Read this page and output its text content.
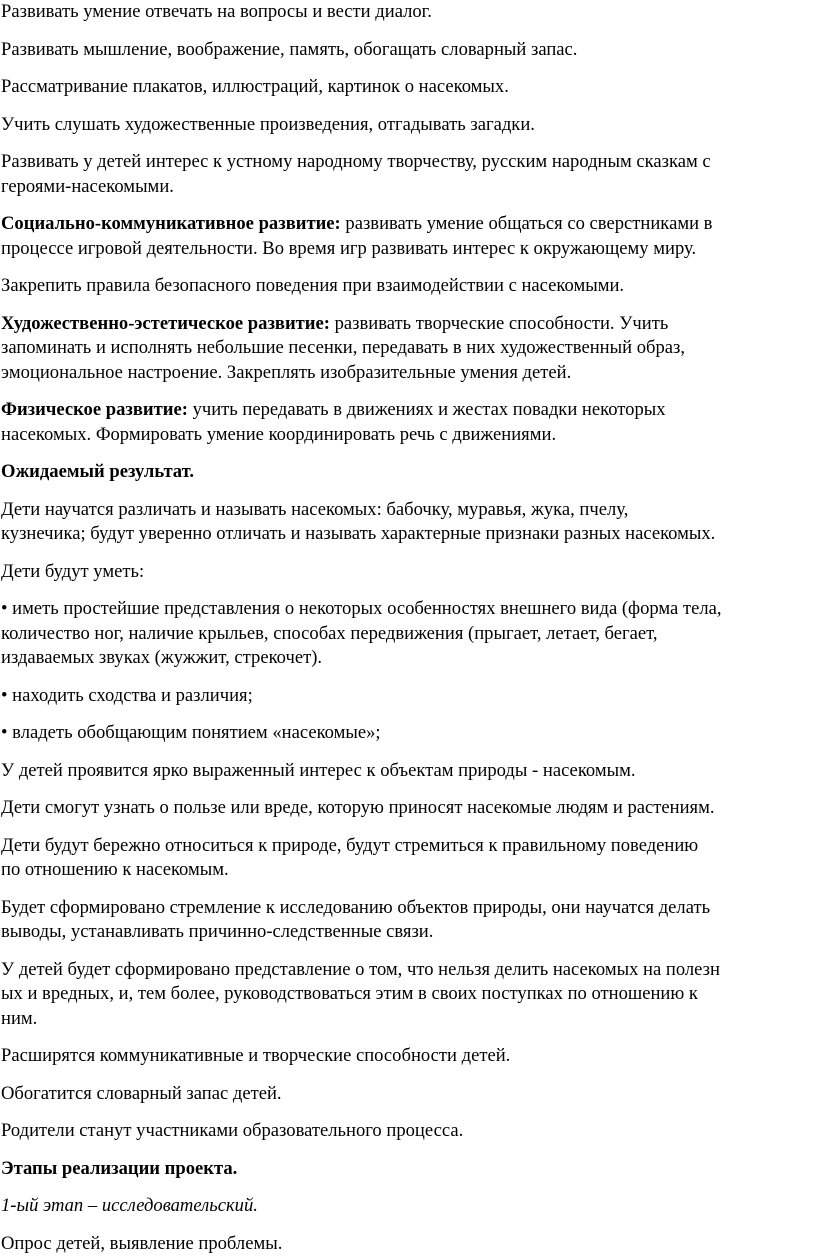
Развивать умение отвечать на вопросы и вести диалог.

Развивать мышление, воображение, память, обогащать словарный запас.

Рассматривание плакатов, иллюстраций, картинок о насекомых.

Учить слушать художественные произведения, отгадывать загадки.

Развивать у детей интерес к устному народному творчеству, русским народным сказкам с
героями-насекомыми.

Социально-коммуникативное развитие: развивать умение общаться со сверстниками в
процессе игровой деятельности. Во время игр развивать интерес к окружающему миру.

Закрепить правила безопасного поведения при взаимодействии с насекомыми.

Художественно-эстетическое развитие: развивать творческие способности. Учить
запоминать и исполнять небольшие песенки, передавать в них художественный образ,
эмоциональное настроение. Закреплять изобразительные умения детей.

Физическое развитие: учить передавать в движениях и жестах повадки некоторых
насекомых. Формировать умение координировать речь с движениями.

Ожидаемый результат.

Дети научатся различать и называть насекомых: бабочку, муравья, жука, пчелу,
кузнечика; будут уверенно отличать и называть характерные признаки разных насекомых.

Дети будут уметь:

• иметь простейшие представления о некоторых особенностях внешнего вида (форма тела,
количество ног, наличие крыльев, способах передвижения (прыгает, летает, бегает,
издаваемых звуках (жужжит, стрекочет).

• находить сходства и различия;

• владеть обобщающим понятием «насекомые»;

У детей проявится ярко выраженный интерес к объектам природы - насекомым.

Дети смогут узнать о пользе или вреде, которую приносят насекомые людям и растениям.

Дети будут бережно относиться к природе, будут стремиться к правильному поведению
по отношению к насекомым.

Будет сформировано стремление к исследованию объектов природы, они научатся делать
выводы, устанавливать причинно-следственные связи.

У детей будет сформировано представление о том, что нельзя делить насекомых на полезн
ых и вредных, и, тем более, руководствоваться этим в своих поступках по отношению к
ним.

Расширятся коммуникативные и творческие способности детей.

Обогатится словарный запас детей.

Родители станут участниками образовательного процесса.

Этапы реализации проекта.

1-ый этап – исследовательский.

Опрос детей, выявление проблемы.
